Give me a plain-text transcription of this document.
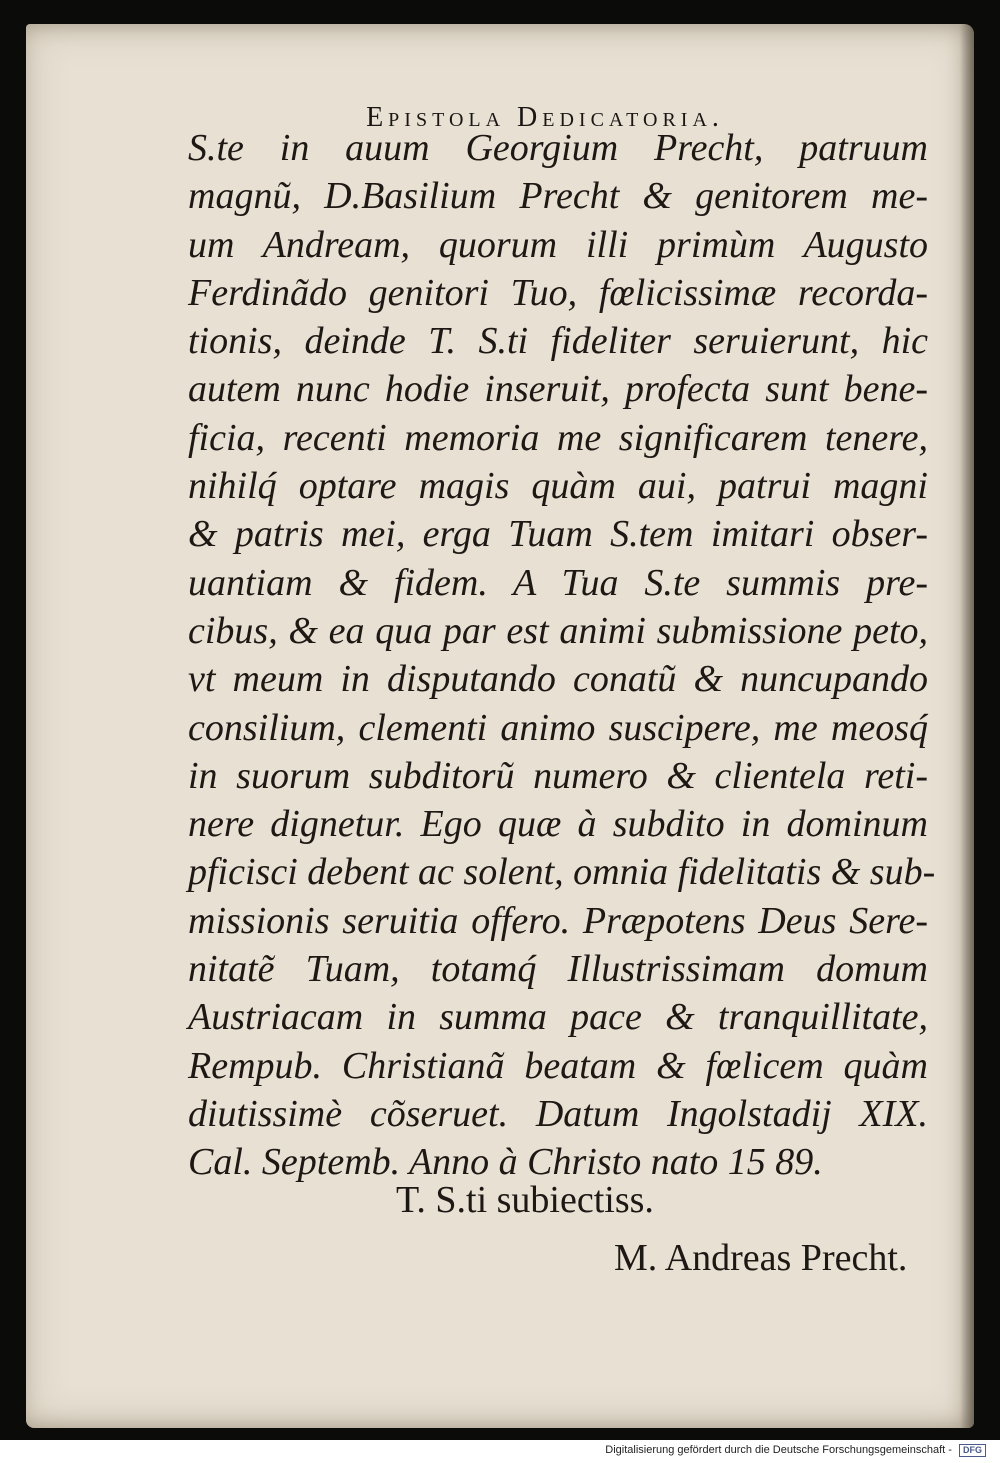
Epistola Dedicatoria.
S.te in auum Georgium Precht, patruum
magnũ, D.Basilium Precht & genitorem me-
um Andream, quorum illi primùm Augusto
Ferdinãdo genitori Tuo, fœlicissimæ recorda-
tionis, deinde T. S.ti fideliter seruierunt, hic
autem nunc hodie inseruit, profecta sunt bene-
ficia, recenti memoria me significarem tenere,
nihilq́ optare magis quàm aui, patrui magni
& patris mei, erga Tuam S.tem imitari obser-
uantiam & fidem. A Tua S.te summis pre-
cibus, & ea qua par est animi submissione peto,
vt meum in disputando conatũ & nuncupando
consilium, clementi animo suscipere, me meosq́
in suorum subditorũ numero & clientela reti-
nere dignetur. Ego quæ à subdito in dominum
pficisci debent ac solent, omnia fidelitatis & sub-
missionis seruitia offero. Præpotens Deus Sere-
nitatẽ Tuam, totamq́ Illustrissimam domum
Austriacam in summa pace & tranquillitate,
Rempub. Christianã beatam & fœlicem quàm
diutissimè cõseruet. Datum Ingolstadij XIX.
Cal. Septemb. Anno à Christo nato 15 89.
T. S.ti subiectiss.
M. Andreas Precht.
Digitalisierung gefördert durch die Deutsche Forschungsgemeinschaft - DFG
